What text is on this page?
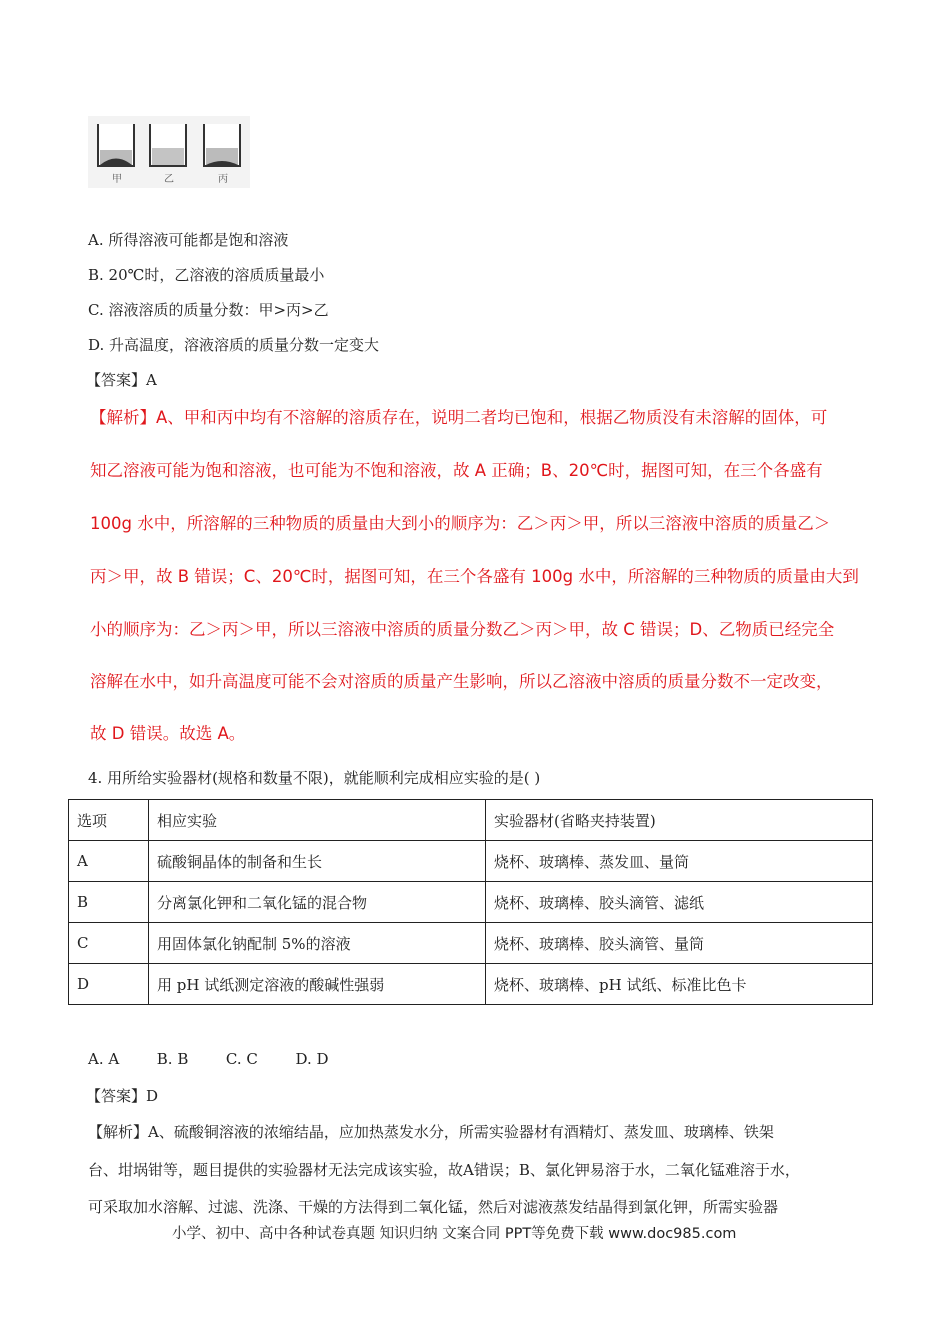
甲	乙	丙
A. 所得溶液可能都是饱和溶液
B. 20℃时，乙溶液的溶质质量最小
C. 溶液溶质的质量分数：甲>丙>乙
D. 升高温度，溶液溶质的质量分数一定变大
【答案】A
【解析】A、甲和丙中均有不溶解的溶质存在，说明二者均已饱和，根据乙物质没有未溶解的固体，可
知乙溶液可能为饱和溶液，也可能为不饱和溶液，故 A 正确；B、20℃时，据图可知，在三个各盛有
100g 水中，所溶解的三种物质的质量由大到小的顺序为：乙＞丙＞甲，所以三溶液中溶质的质量乙＞
丙＞甲，故 B 错误；C、20℃时，据图可知，在三个各盛有 100g 水中，所溶解的三种物质的质量由大到
小的顺序为：乙＞丙＞甲，所以三溶液中溶质的质量分数乙＞丙＞甲，故 C 错误；D、乙物质已经完全
溶解在水中，如升高温度可能不会对溶质的质量产生影响，所以乙溶液中溶质的质量分数不一定改变，
故 D 错误。故选 A。
4. 用所给实验器材(规格和数量不限)，就能顺利完成相应实验的是( )
选项	相应实验	实验器材(省略夹持装置)
A	硫酸铜晶体的制备和生长	烧杯、玻璃棒、蒸发皿、量筒
B	分离氯化钾和二氧化锰的混合物	烧杯、玻璃棒、胶头滴管、滤纸
C	用固体氯化钠配制 5%的溶液	烧杯、玻璃棒、胶头滴管、量筒
D	用 pH 试纸测定溶液的酸碱性强弱	烧杯、玻璃棒、pH 试纸、标准比色卡
A. A	B. B	C. C	D. D
【答案】D
【解析】A、硫酸铜溶液的浓缩结晶，应加热蒸发水分，所需实验器材有酒精灯、蒸发皿、玻璃棒、铁架
台、坩埚钳等，题目提供的实验器材无法完成该实验，故A错误；B、氯化钾易溶于水，二氧化锰难溶于水，
可采取加水溶解、过滤、洗涤、干燥的方法得到二氧化锰，然后对滤液蒸发结晶得到氯化钾，所需实验器
小学、初中、高中各种试卷真题 知识归纳 文案合同 PPT等免费下载 www.doc985.com
